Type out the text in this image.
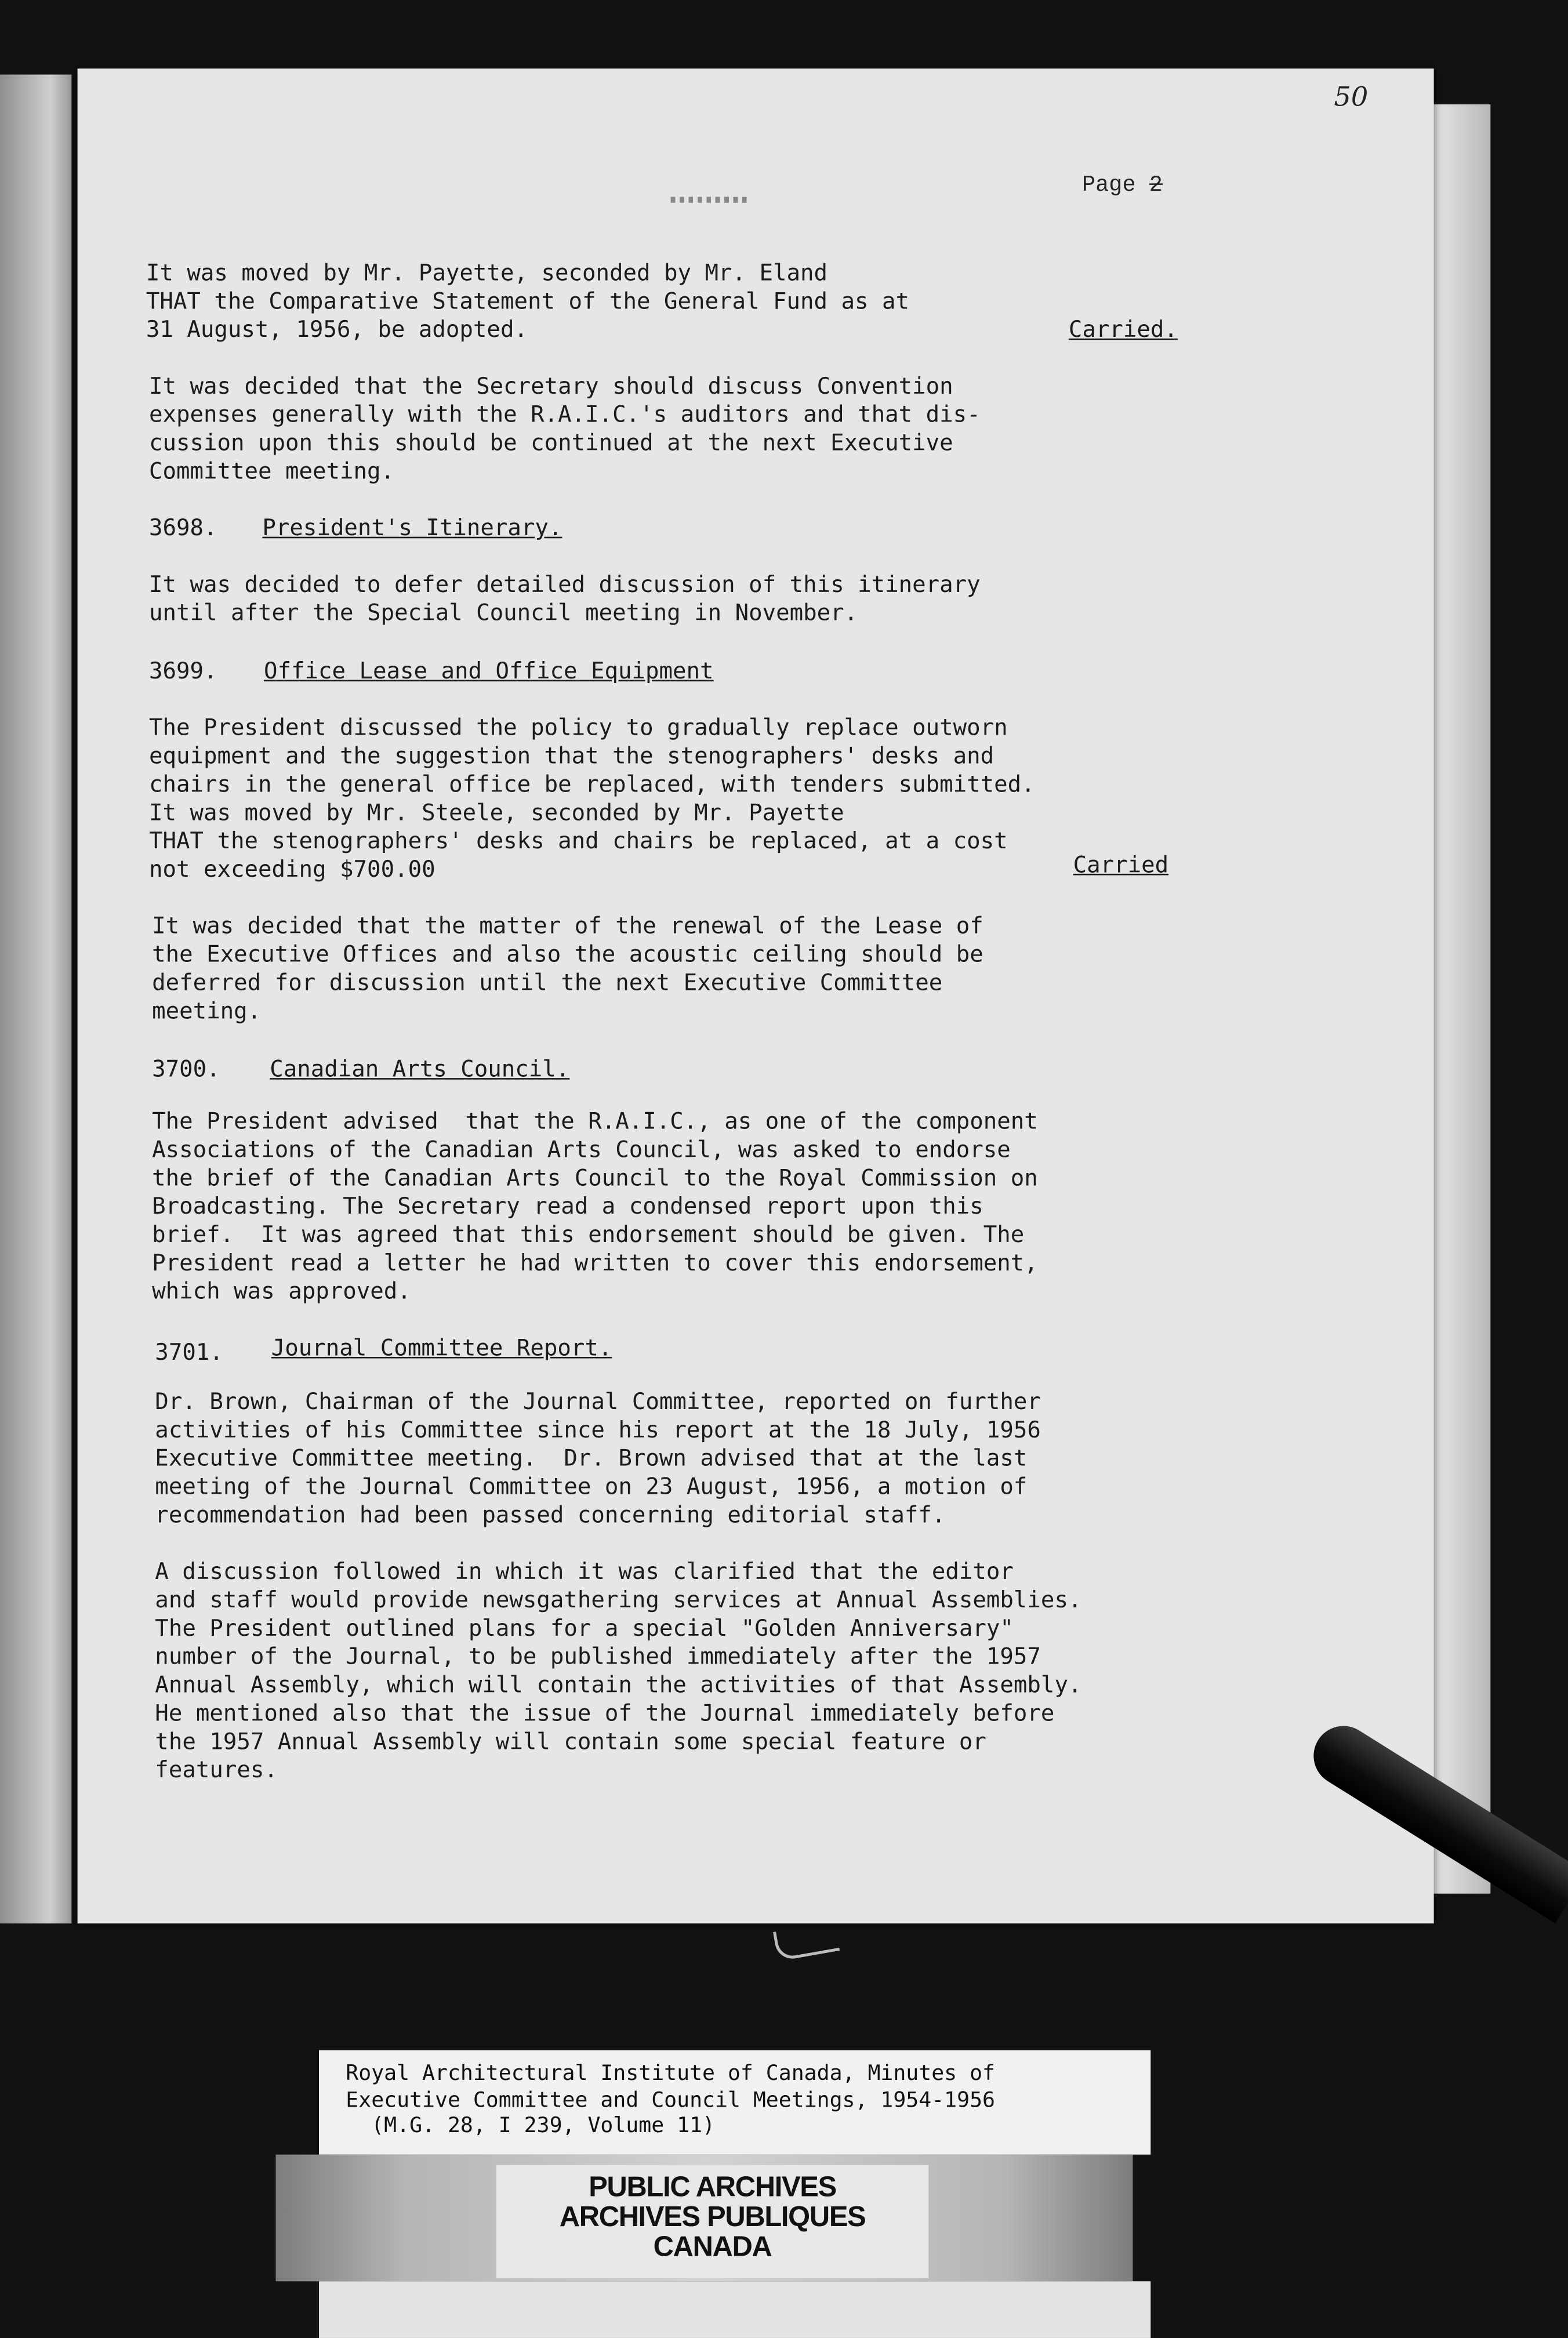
50
Page 2
It was moved by Mr. Payette, seconded by Mr. Eland
THAT the Comparative Statement of the General Fund as at
31 August, 1956, be adopted.	Carried.
It was decided that the Secretary should discuss Convention
expenses generally with the R.A.I.C.'s auditors and that dis-
cussion upon this should be continued at the next Executive
Committee meeting.
3698.	President's Itinerary.
It was decided to defer detailed discussion of this itinerary
until after the Special Council meeting in November.
3699.	Office Lease and Office Equipment
The President discussed the policy to gradually replace outworn
equipment and the suggestion that the stenographers' desks and
chairs in the general office be replaced, with tenders submitted.
It was moved by Mr. Steele, seconded by Mr. Payette
THAT the stenographers' desks and chairs be replaced, at a cost
not exceeding $700.00	Carried
It was decided that the matter of the renewal of the Lease of
the Executive Offices and also the acoustic ceiling should be
deferred for discussion until the next Executive Committee
meeting.
3700.	Canadian Arts Council.
The President advised  that the R.A.I.C., as one of the component
Associations of the Canadian Arts Council, was asked to endorse
the brief of the Canadian Arts Council to the Royal Commission on
Broadcasting. The Secretary read a condensed report upon this
brief.  It was agreed that this endorsement should be given. The
President read a letter he had written to cover this endorsement,
which was approved.
3701.	Journal Committee Report.
Dr. Brown, Chairman of the Journal Committee, reported on further
activities of his Committee since his report at the 18 July, 1956
Executive Committee meeting.  Dr. Brown advised that at the last
meeting of the Journal Committee on 23 August, 1956, a motion of
recommendation had been passed concerning editorial staff.
A discussion followed in which it was clarified that the editor
and staff would provide newsgathering services at Annual Assemblies.
The President outlined plans for a special "Golden Anniversary"
number of the Journal, to be published immediately after the 1957
Annual Assembly, which will contain the activities of that Assembly.
He mentioned also that the issue of the Journal immediately before
the 1957 Annual Assembly will contain some special feature or
features.
Royal Architectural Institute of Canada, Minutes of
Executive Committee and Council Meetings, 1954-1956
(M.G. 28, I 239, Volume 11)
PUBLIC ARCHIVES
ARCHIVES PUBLIQUES
CANADA
